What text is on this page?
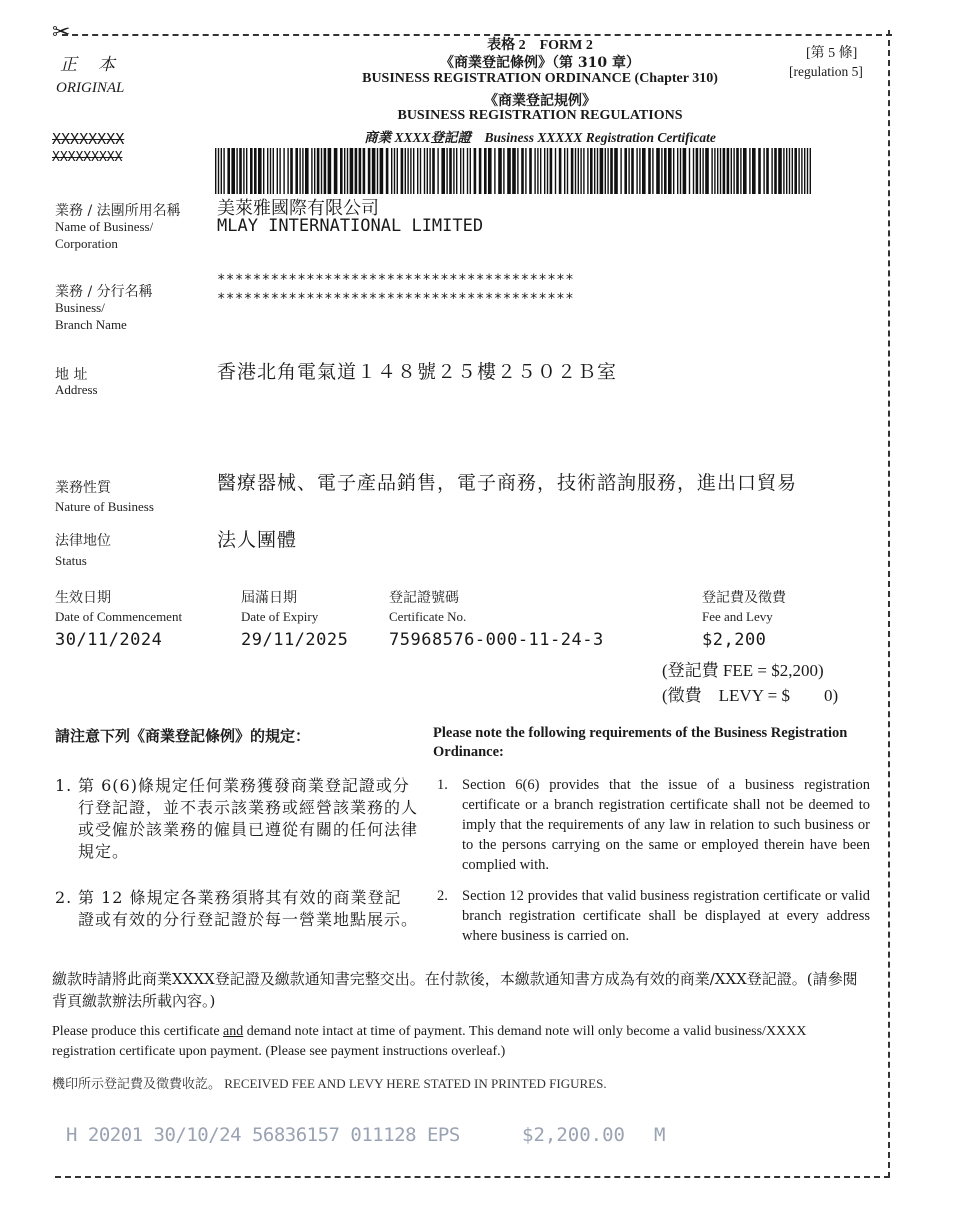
✂
正　本
ORIGINAL
XXXXXXXX
XXXXXXXXX
表格 2　FORM 2
《商業登記條例》（第 310 章）
BUSINESS REGISTRATION ORDINANCE (Chapter 310)
《商業登記規例》
BUSINESS REGISTRATION REGULATIONS
商業 XXXX登記證　Business XXXXX Registration Certificate
[第 5 條]
[regulation 5]
業務 / 法團所用名稱
Name of Business/
Corporation
美萊雅國際有限公司
MLAY INTERNATIONAL LIMITED
業務 / 分行名稱
Business/
Branch Name
****************************************
****************************************
地 址
Address
香港北角電氣道１４８號２５樓２５０２Ｂ室
業務性質
Nature of Business
醫療器械、電子產品銷售，電子商務，技術諮詢服務，進出口貿易
法律地位
Status
法人團體
生效日期
Date of Commencement
30/11/2024
屆滿日期
Date of Expiry
29/11/2025
登記證號碼
Certificate No.
75968576-000-11-24-3
登記費及徵費
Fee and Levy
$2,200
(登記費 FEE = $2,200)
(徵費　LEVY = $　　0)
請注意下列《商業登記條例》的規定：	Please note the following requirements of the Business Registration Ordinance:
1. 第 6(6)條規定任何業務獲發商業登記證或分行登記證，並不表示該業務或經營該業務的人或受僱於該業務的僱員已遵從有關的任何法律規定。
2. 第 12 條規定各業務須將其有效的商業登記證或有效的分行登記證於每一營業地點展示。
1. Section 6(6) provides that the issue of a business registration certificate or a branch registration certificate shall not be deemed to imply that the requirements of any law in relation to such business or to the persons carrying on the same or employed therein have been complied with.
2. Section 12 provides that valid business registration certificate or valid branch registration certificate shall be displayed at every address where business is carried on.
繳款時請將此商業XXXX登記證及繳款通知書完整交出。在付款後，本繳款通知書方成為有效的商業/XXX登記證。(請參閱背頁繳款辦法所載內容。)
Please produce this certificate and demand note intact at time of payment. This demand note will only become a valid business/XXXX registration certificate upon payment. (Please see payment instructions overleaf.)
機印所示登記費及徵費收訖。 RECEIVED FEE AND LEVY HERE STATED IN PRINTED FIGURES.
H 20201 30/10/24 56836157 011128 EPS	$2,200.00 M
